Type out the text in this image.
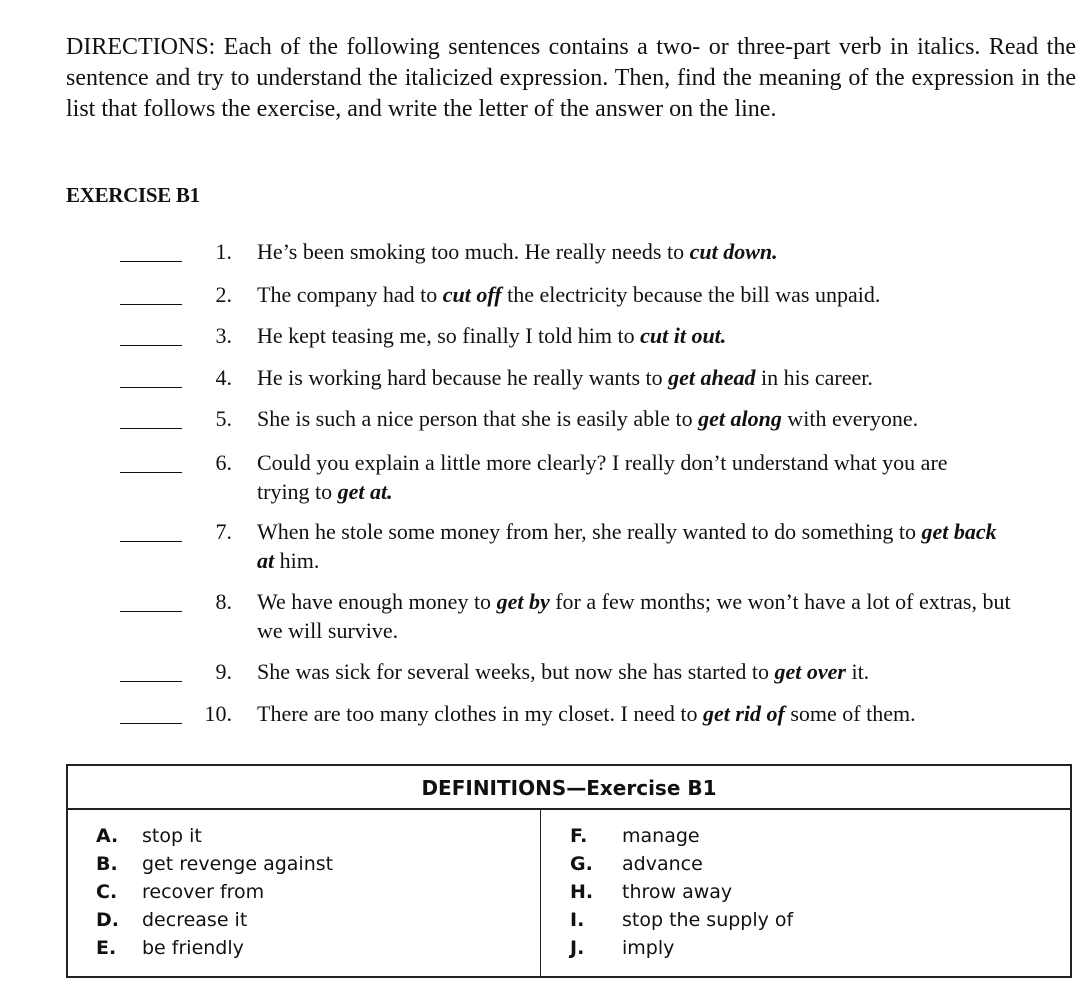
DIRECTIONS: Each of the following sentences contains a two- or three-part verb in italics. Read the sentence and try to understand the italicized expression. Then, find the meaning of the expression in the list that follows the exercise, and write the letter of the answer on the line.

EXERCISE B1
1. He’s been smoking too much. He really needs to cut down.
2. The company had to cut off the electricity because the bill was unpaid.
3. He kept teasing me, so finally I told him to cut it out.
4. He is working hard because he really wants to get ahead in his career.
5. She is such a nice person that she is easily able to get along with everyone.
6. Could you explain a little more clearly? I really don’t understand what you are trying to get at.
7. When he stole some money from her, she really wanted to do something to get back at him.
8. We have enough money to get by for a few months; we won’t have a lot of extras, but we will survive.
9. She was sick for several weeks, but now she has started to get over it.
10. There are too many clothes in my closet. I need to get rid of some of them.
DEFINITIONS—Exercise B1
A. stop it
B. get revenge against
C. recover from
D. decrease it
E. be friendly
F. manage
G. advance
H. throw away
I. stop the supply of
J. imply
